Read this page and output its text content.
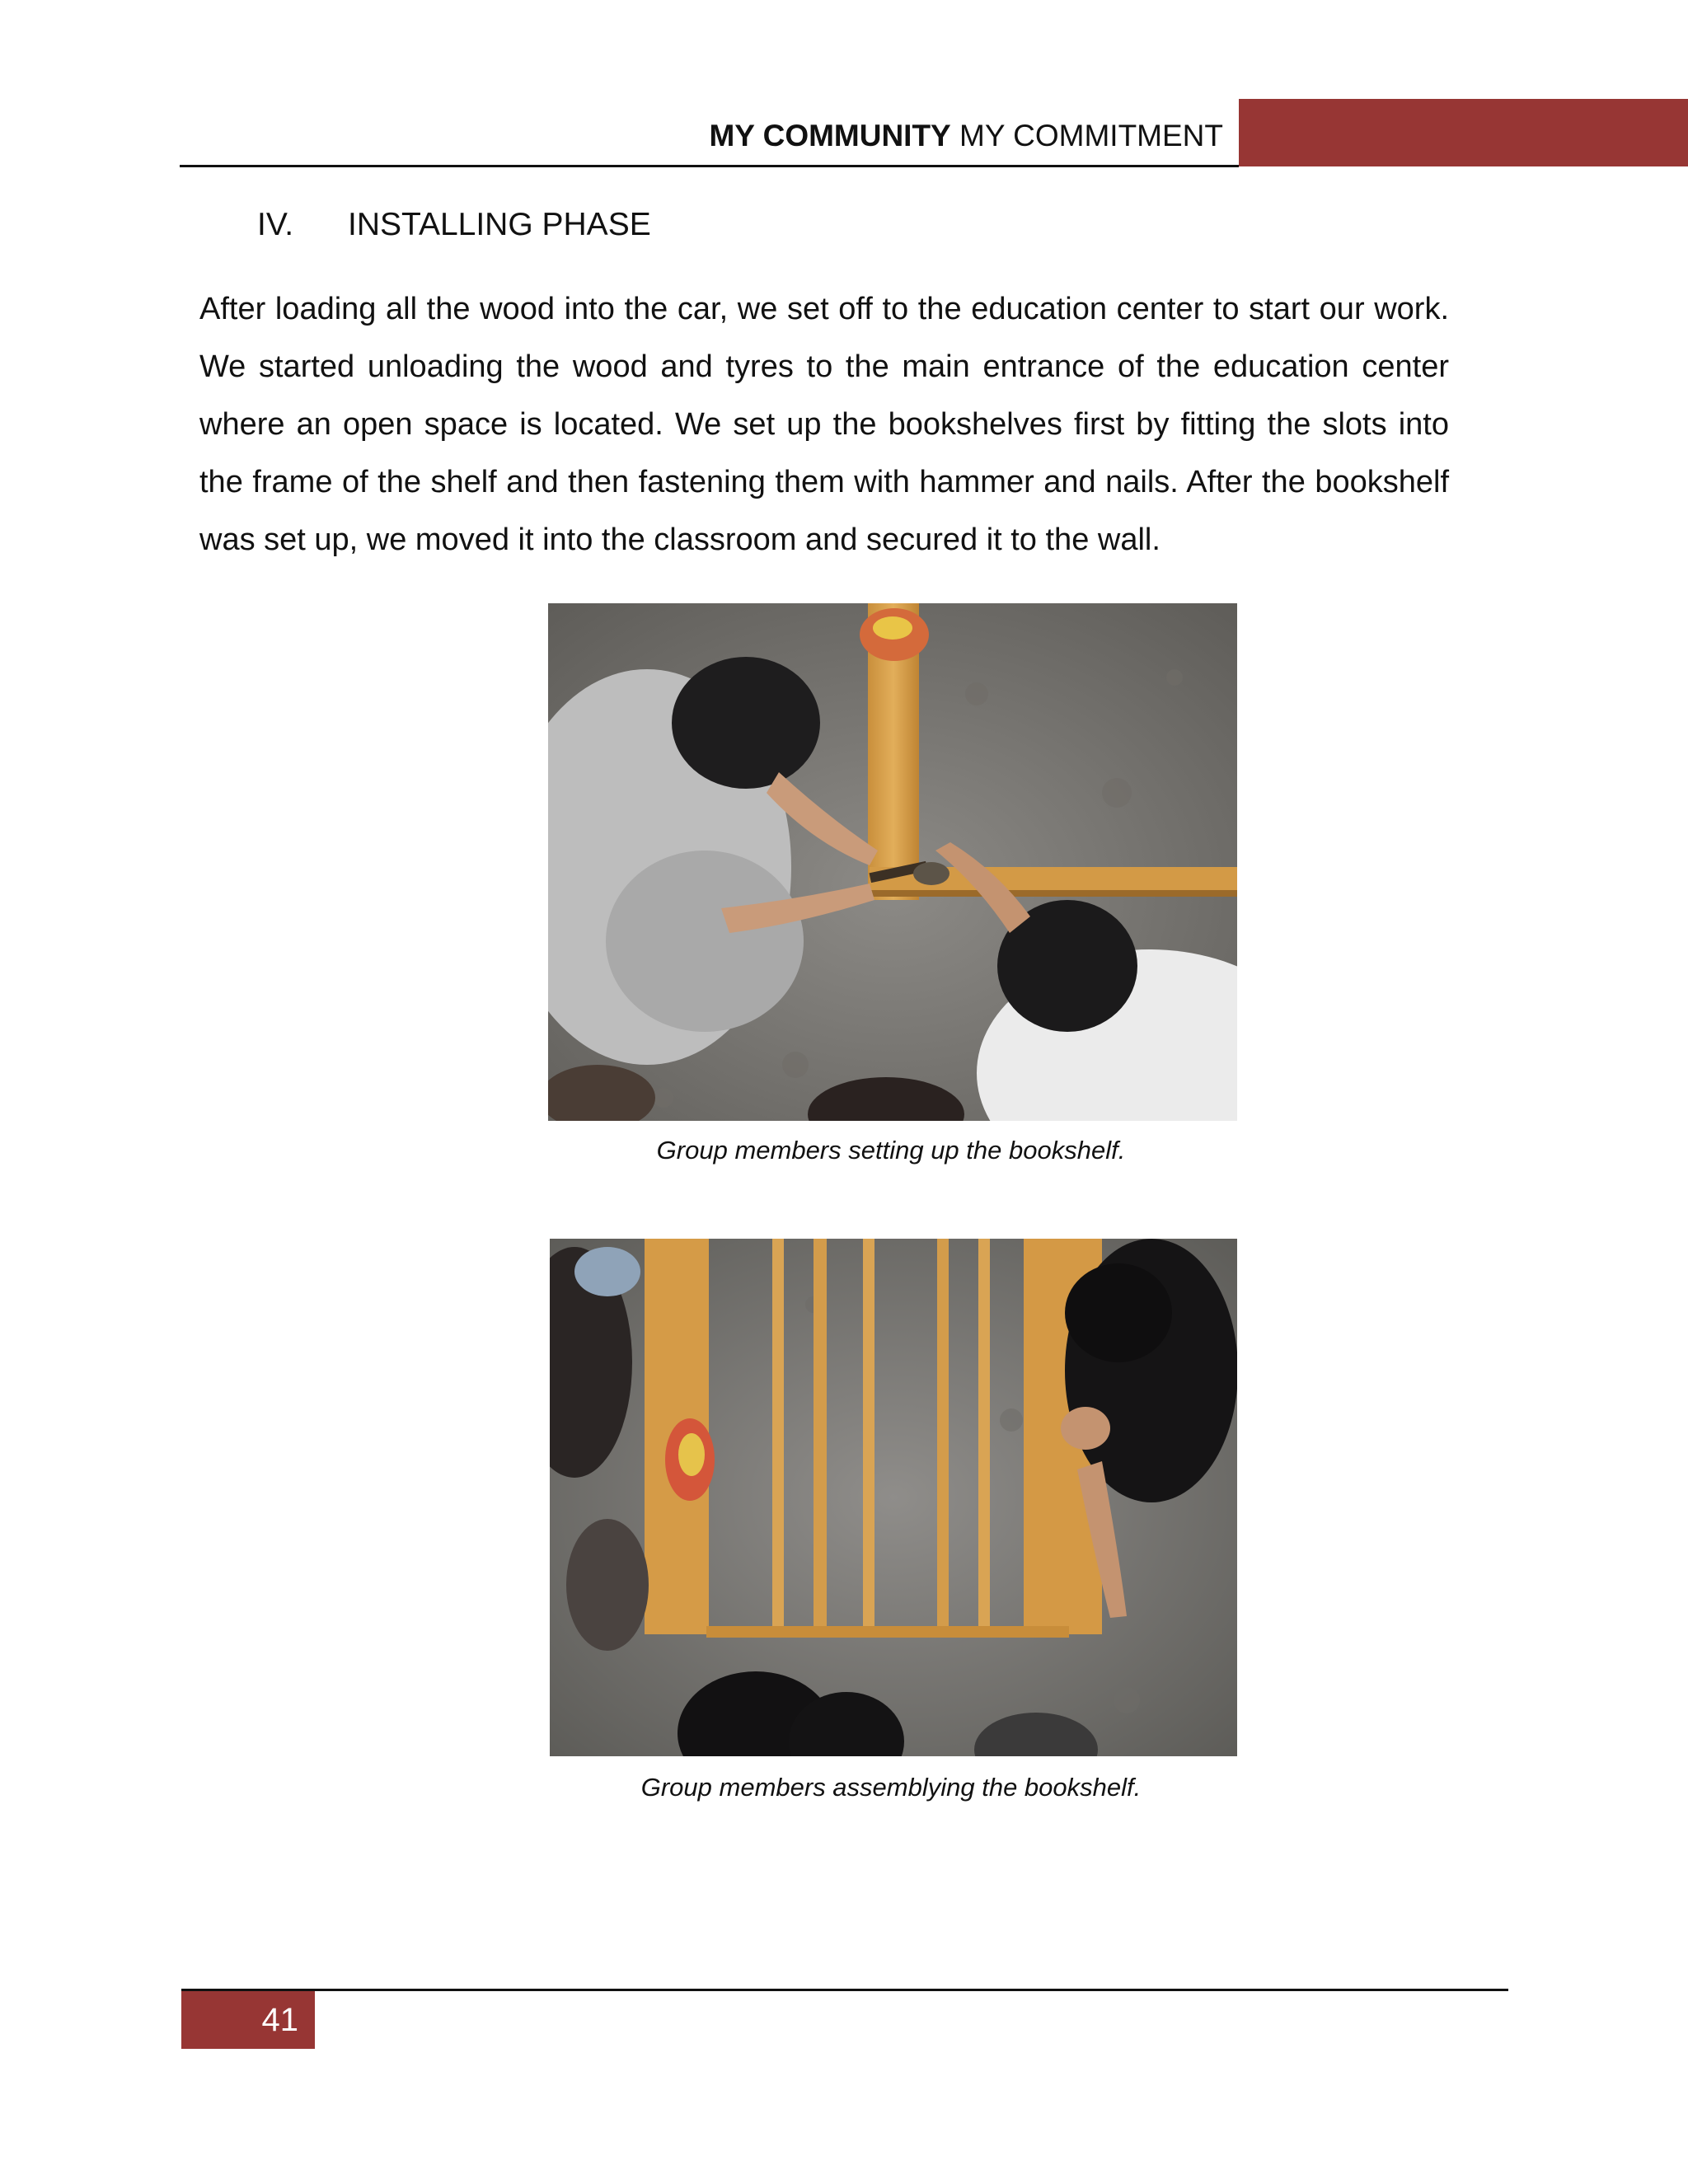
MY COMMUNITY MY COMMITMENT
IV. INSTALLING PHASE
After loading all the wood into the car, we set off to the education center to start our work. We started unloading the wood and tyres to the main entrance of the education center where an open space is located. We set up the bookshelves first by fitting the slots into the frame of the shelf and then fastening them with hammer and nails. After the bookshelf was set up, we moved it into the classroom and secured it to the wall.
Group members setting up the bookshelf.
Group members assemblying the bookshelf.
41
